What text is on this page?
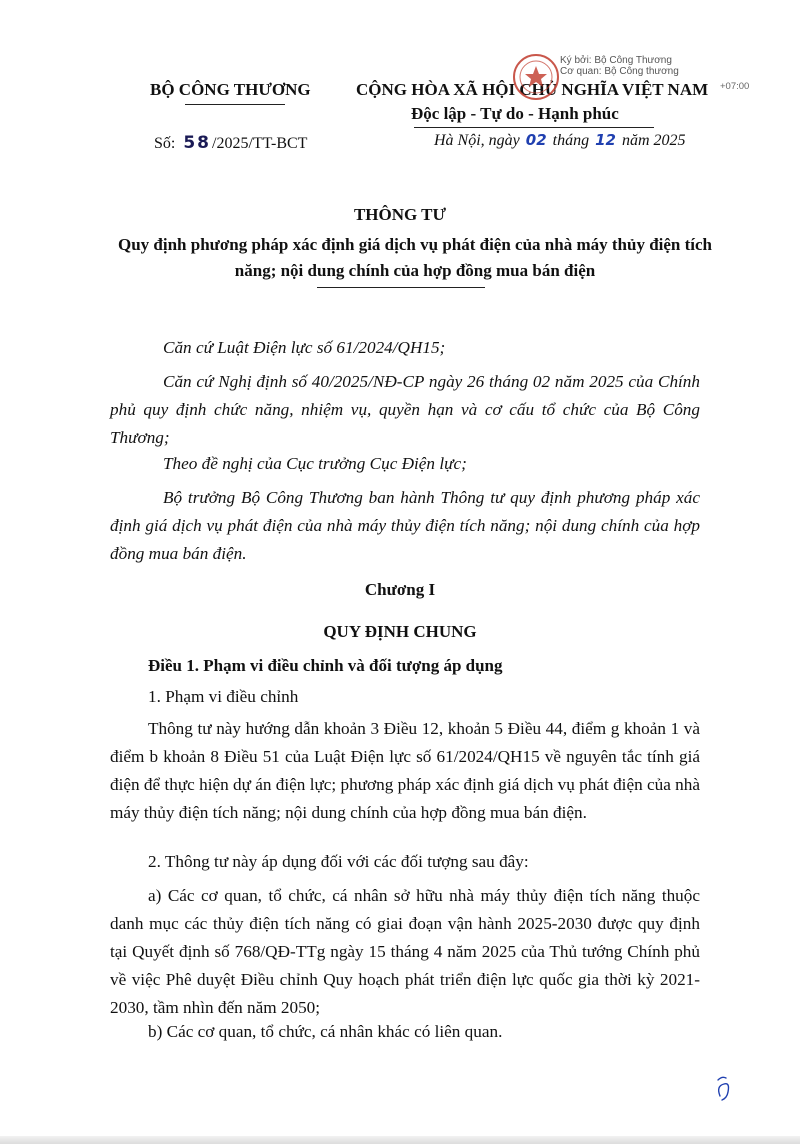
BỘ CÔNG THƯƠNG	CỘNG HÒA XÃ HỘI CHỦ NGHĨA VIỆT NAM
Độc lập - Tự do - Hạnh phúc
Số: 58/2025/TT-BCT	Hà Nội, ngày 02 tháng 12 năm 2025
Ký bởi: Bộ Công Thương
Cơ quan: Bộ Công thương
+07:00
THÔNG TƯ
Quy định phương pháp xác định giá dịch vụ phát điện của nhà máy thủy điện tích năng; nội dung chính của hợp đồng mua bán điện
Căn cứ Luật Điện lực số 61/2024/QH15;
Căn cứ Nghị định số 40/2025/NĐ-CP ngày 26 tháng 02 năm 2025 của Chính phủ quy định chức năng, nhiệm vụ, quyền hạn và cơ cấu tổ chức của Bộ Công Thương;
Theo đề nghị của Cục trưởng Cục Điện lực;
Bộ trưởng Bộ Công Thương ban hành Thông tư quy định phương pháp xác định giá dịch vụ phát điện của nhà máy thủy điện tích năng; nội dung chính của hợp đồng mua bán điện.
Chương I
QUY ĐỊNH CHUNG
Điều 1. Phạm vi điều chỉnh và đối tượng áp dụng
1. Phạm vi điều chỉnh
Thông tư này hướng dẫn khoản 3 Điều 12, khoản 5 Điều 44, điểm g khoản 1 và điểm b khoản 8 Điều 51 của Luật Điện lực số 61/2024/QH15 về nguyên tắc tính giá điện để thực hiện dự án điện lực; phương pháp xác định giá dịch vụ phát điện của nhà máy thủy điện tích năng; nội dung chính của hợp đồng mua bán điện.
2. Thông tư này áp dụng đối với các đối tượng sau đây:
a) Các cơ quan, tổ chức, cá nhân sở hữu nhà máy thủy điện tích năng thuộc danh mục các thủy điện tích năng có giai đoạn vận hành 2025-2030 được quy định tại Quyết định số 768/QĐ-TTg ngày 15 tháng 4 năm 2025 của Thủ tướng Chính phủ về việc Phê duyệt Điều chỉnh Quy hoạch phát triển điện lực quốc gia thời kỳ 2021-2030, tầm nhìn đến năm 2050;
b) Các cơ quan, tổ chức, cá nhân khác có liên quan.
